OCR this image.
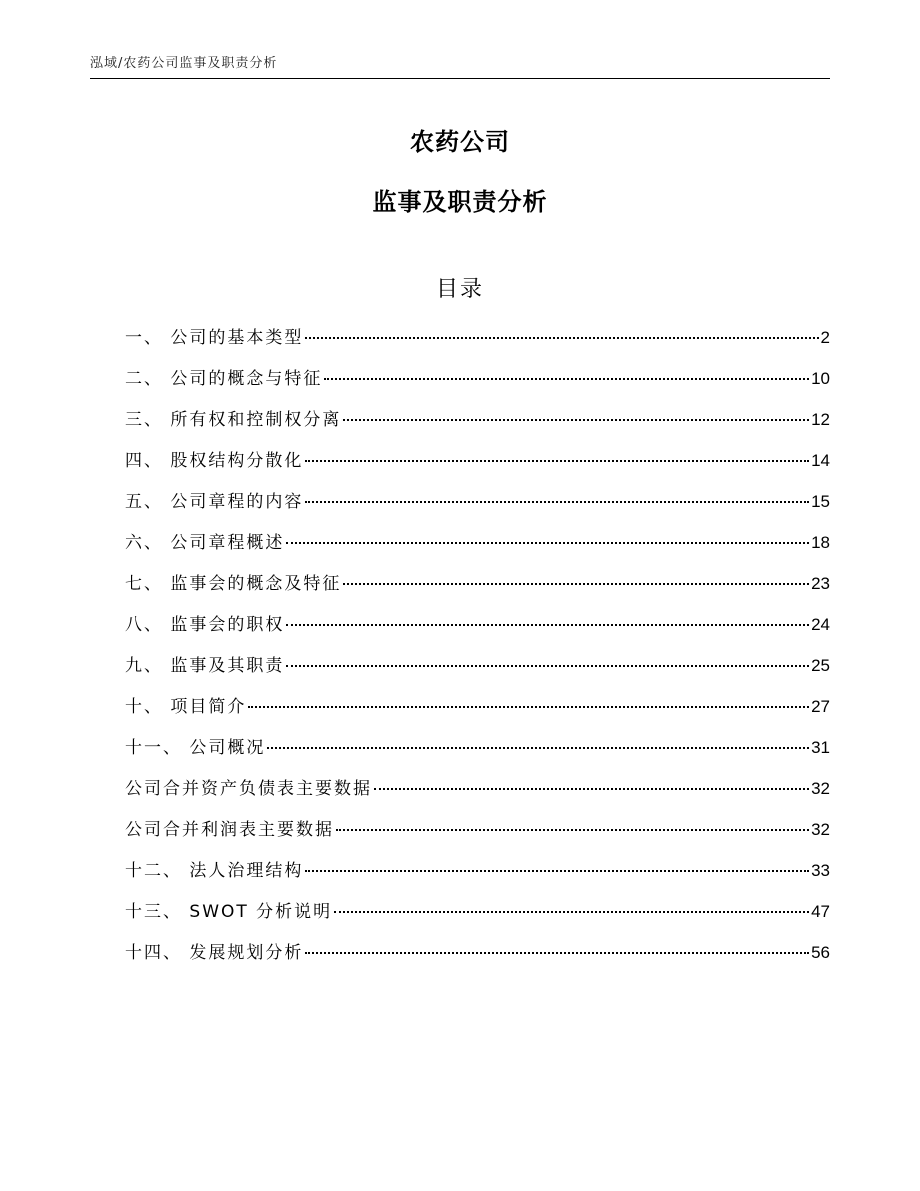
泓域/农药公司监事及职责分析
农药公司
监事及职责分析
目录
一、 公司的基本类型	2
二、 公司的概念与特征	10
三、 所有权和控制权分离	12
四、 股权结构分散化	14
五、 公司章程的内容	15
六、 公司章程概述	18
七、 监事会的概念及特征	23
八、 监事会的职权	24
九、 监事及其职责	25
十、 项目简介	27
十一、 公司概况	31
公司合并资产负债表主要数据	32
公司合并利润表主要数据	32
十二、 法人治理结构	33
十三、 SWOT 分析说明	47
十四、 发展规划分析	56
